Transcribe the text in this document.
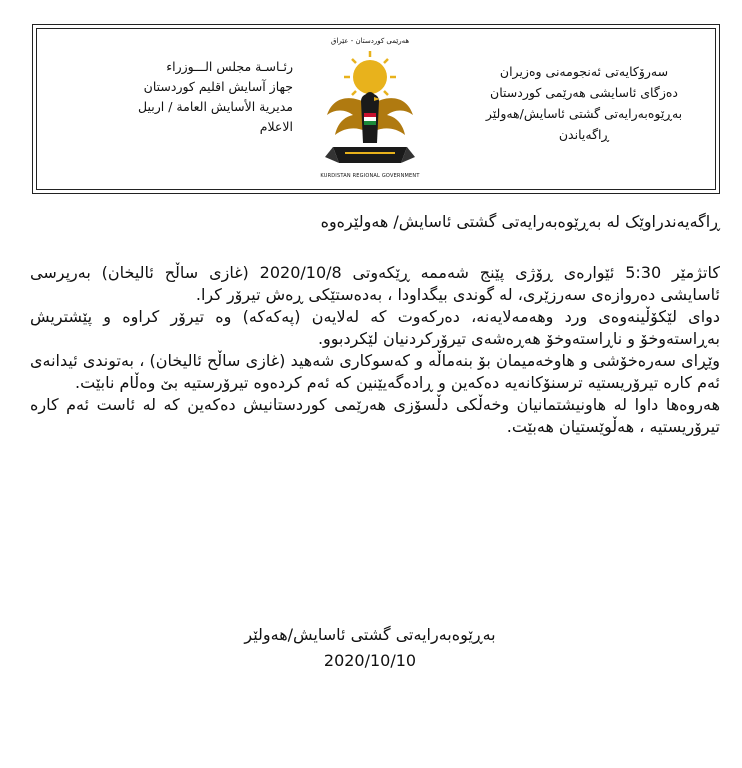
سەرۆکایەتی ئەنجومەنی وەزیران
دەزگای ئاسایشی هەرێمی کوردستان
بەڕێوەبەرایەتی گشتی ئاسایش/هەولێر
ڕاگەیاندن
هەرێمی کوردستان - عێراق
KURDISTAN REGIONAL GOVERNMENT
رئـاسـة مجلس الـــوزراء
جهاز آسايش اقليم كوردستان
مديرية الأسايش العامة / اربيل
الاعلام
ڕاگەیەندراوێک لە بەڕێوەبەرایەتی گشتی ئاسایش/ هەولێرەوە

کاتژمێر 5:30 ئێوارەی ڕۆژی پێنج شەممە ڕێکەوتی 2020/10/8 (غازی ساڵح ئالیخان) بەرپرسی ئاسایشی دەروازەی سەرزێری، لە گوندی بیگداودا ، بەدەستێکی ڕەش تیرۆر کرا.

دوای لێکۆڵینەوەی ورد وهەمەلایەنە، دەرکەوت کە لەلایەن (پەکەکە) وە تیرۆر کراوە و پێشتریش بەڕاستەوخۆ و ناڕاستەوخۆ هەڕەشەی تیرۆرکردنیان لێکردبوو.

وێڕای سەرەخۆشی و هاوخەمیمان بۆ بنەماڵە و کەسوکاری شەهید (غازی ساڵح ئالیخان) ، بەتوندی ئیدانەی ئەم کارە تیرۆریستیە ترسنۆکانەیە دەکەین و ڕادەگەیێنین کە ئەم کردەوە تیرۆرستیە بێ وەڵام نابێت.

هەروەها داوا لە هاونیشتمانیان وخەڵکی دڵسۆزی هەرێمی کوردستانیش دەکەین کە لە ئاست ئەم کارە تیرۆریستیە ، هەڵوێستیان هەبێت.

بەڕێوەبەرایەتی گشتی ئاسایش/هەولێر
2020/10/10
